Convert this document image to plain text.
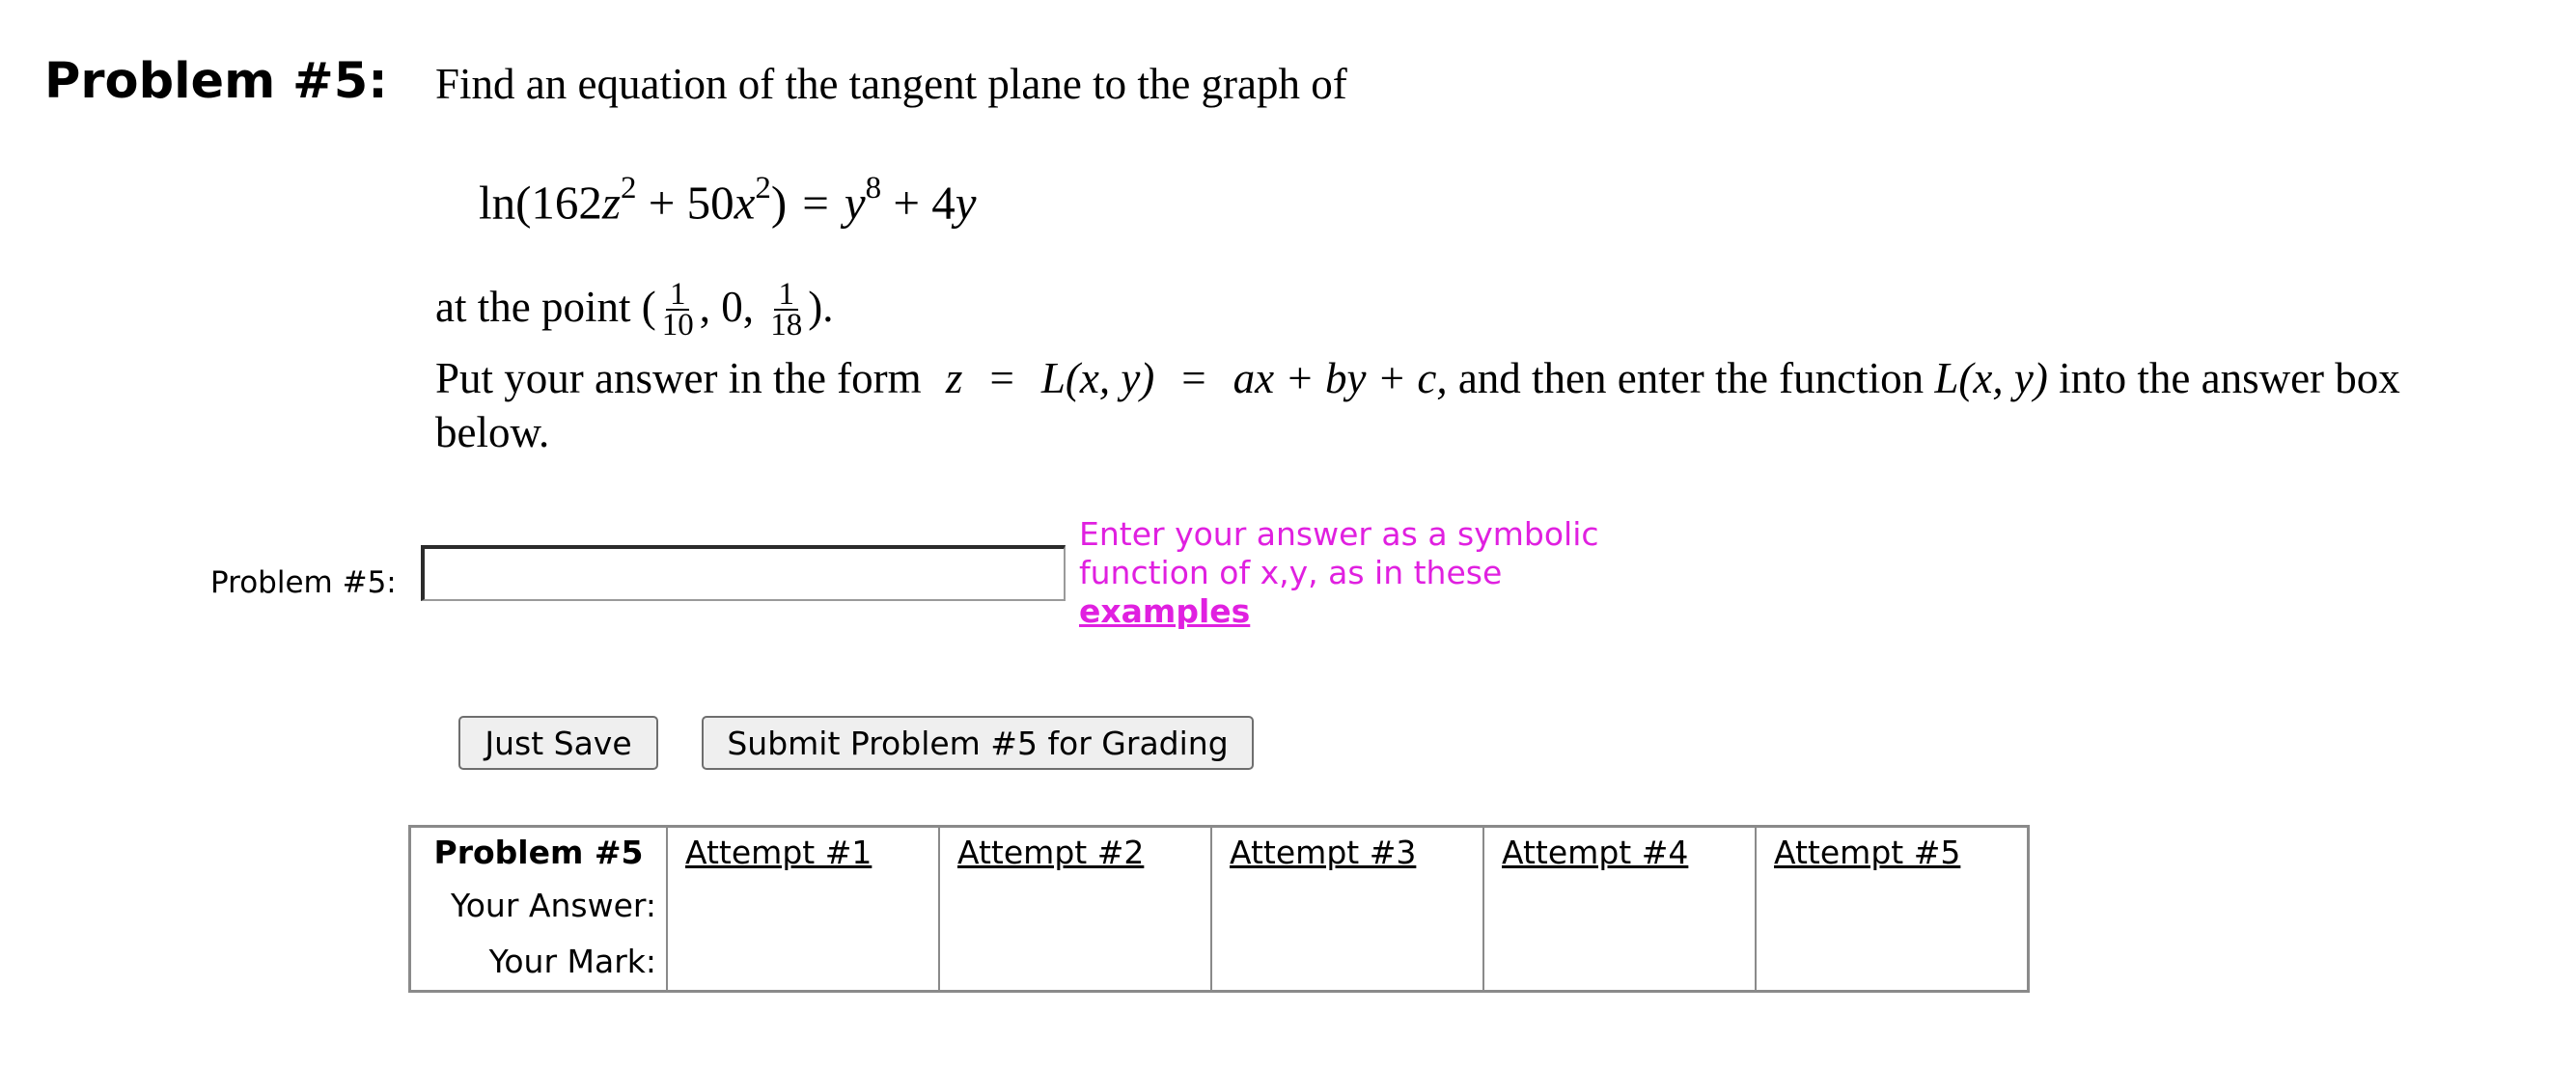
Problem #5: Find an equation of the tangent plane to the graph of
$\ln(162z^2 + 50x^2) = y^8 + 4y$
at the point ( $\frac{1}{10}$ , 0, $\frac{1}{18}$ ).
Put your answer in the form z = L(x, y) = ax + by + c, and then enter the function L(x, y) into the answer box
below.
Problem #5:
Enter your answer as a symbolic function of x,y, as in these examples
Just Save	Submit Problem #5 for Grading
Problem #5	Attempt #1	Attempt #2	Attempt #3	Attempt #4	Attempt #5
Your Answer:					
Your Mark:					
